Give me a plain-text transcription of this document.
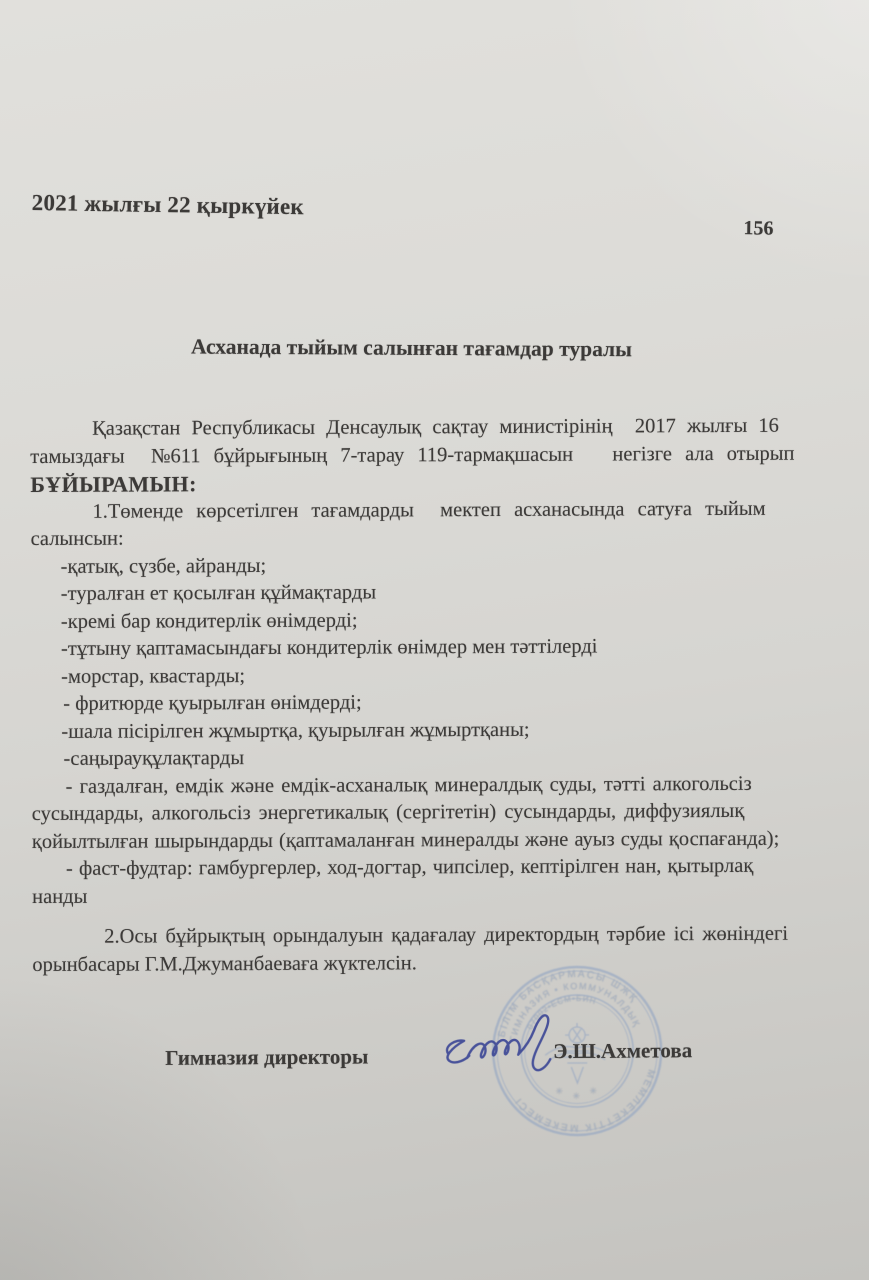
2021 жылғы 22 қыркүйек
156
Асханада тыйым салынған тағамдар туралы
Қазақстан Республикасы Денсаулық сақтау министірінің  2017 жылғы 16
тамыздағы  №611 бұйрығының 7-тарау 119-тармақшасын   негізге ала отырып
БҰЙЫРАМЫН:
1.Төменде көрсетілген тағамдарды  мектеп асханасында сатуға тыйым
салынсын:
-қатық, сүзбе, айранды;
-туралған ет қосылған құймақтарды
-кремі бар кондитерлік өнімдерді;
-тұтыну қаптамасындағы кондитерлік өнімдер мен тәттілерді
-морстар, квастарды;
- фритюрде қуырылған өнімдерді;
-шала пісірілген жұмыртқа, қуырылған жұмыртқаны;
-саңырауқұлақтарды
- газдалған, емдік және емдік-асханалық минералдық суды, тәтті алкогольсіз
сусындарды, алкогольсіз энергетикалық (сергітетін) сусындарды, диффузиялық
қойылтылған шырындарды (қаптамаланған минералды және ауыз суды қоспағанда);
- фаст-фудтар: гамбургерлер, ход-догтар, чипсілер, кептірілген нан, қытырлақ
нанды
2.Осы бұйрықтың орындалуын қадағалау директордың тәрбие ісі жөніндегі
орынбасары Г.М.Джуманбаеваға жүктелсін.
БІЛІМ БАСҚАРМАСЫ ШЖҚ
МЕМЛЕКЕТТІК МЕКЕМЕСІ
ГИМНАЗИЯ ▪ КОММУНАЛДЫҚ
07002▪ЕСМ▪БИН
✳ ✳
✳
Гимназия директоры	Э.Ш.Ахметова
